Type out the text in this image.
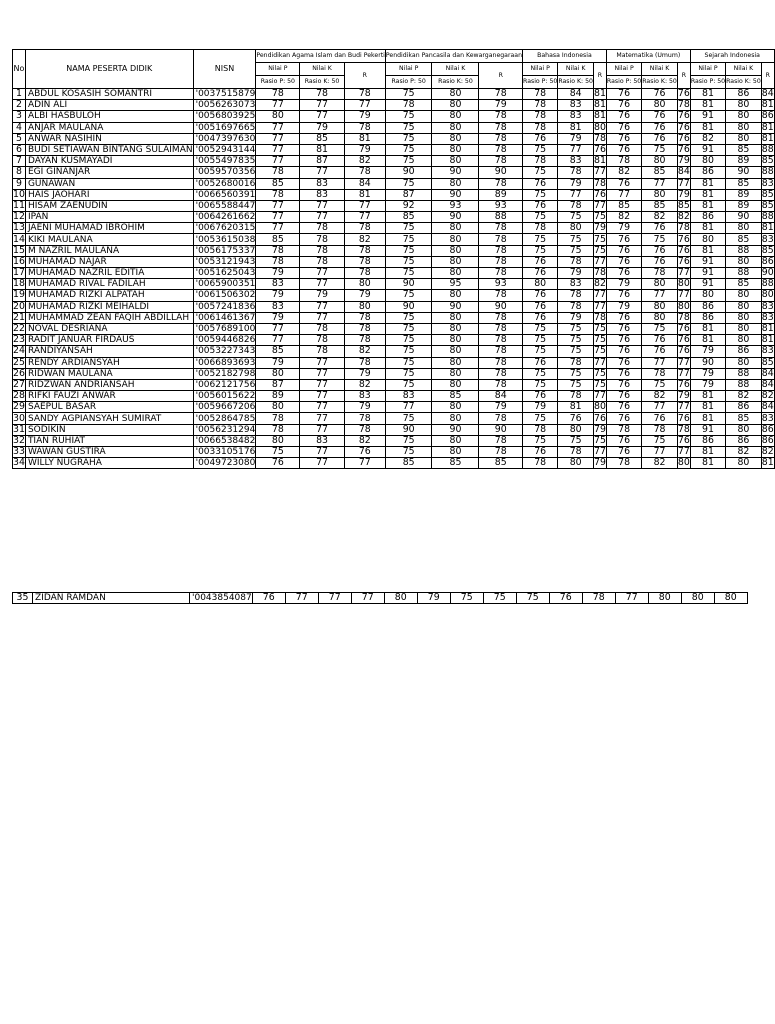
No	NAMA PESERTA DIDIK	NISN	Pendidikan Agama Islam dan Budi Pekerti			Pendidikan Pancasila dan Kewarganegaraan			Bahasa Indonesia			Matematika (Umum)			Sejarah Indonesia		
			Nilai P	Nilai K	R	Nilai P	Nilai K	R	Nilai P	Nilai K	R	Nilai P	Nilai K	R	Nilai P	Nilai K	R
			Rasio P: 50	Rasio K: 50		Rasio P: 50	Rasio K: 50		Rasio P: 50	Rasio K: 50		Rasio P: 50	Rasio K: 50		Rasio P: 50	Rasio K: 50	
1	ABDUL KOSASIH SOMANTRI	'0037515879	78	78	78	75	80	78	78	84	81	76	76	76	81	86	84
2	ADIN ALI	'0056263073	77	77	77	78	80	79	78	83	81	76	80	78	81	80	81
3	ALBI HASBULOH	'0056803925	80	77	79	75	80	78	78	83	81	76	76	76	91	80	86
4	ANJAR MAULANA	'0051697665	77	79	78	75	80	78	78	81	80	76	76	76	81	80	81
5	ANWAR NASIHIN	'0047397630	77	85	81	75	80	78	76	79	78	76	76	76	82	80	81
6	BUDI SETIAWAN BINTANG SULAIMAN	'0052943144	77	81	79	75	80	78	75	77	76	76	75	76	91	85	88
7	DAYAN KUSMAYADI	'0055497835	77	87	82	75	80	78	78	83	81	78	80	79	80	89	85
8	EGI GINANJAR	'0059570356	78	77	78	90	90	90	75	78	77	82	85	84	86	90	88
9	GUNAWAN	'0052680016	85	83	84	75	80	78	76	79	78	76	77	77	81	85	83
10	HAIS JAOHARI	'0066560391	78	83	81	87	90	89	75	77	76	77	80	79	81	89	85
11	HISAM ZAENUDIN	'0065588447	77	77	77	92	93	93	76	78	77	85	85	85	81	89	85
12	IPAN	'0064261662	77	77	77	85	90	88	75	75	75	82	82	82	86	90	88
13	JAENI MUHAMAD IBROHIM	'0067620315	77	78	78	75	80	78	78	80	79	79	76	78	81	80	81
14	KIKI MAULANA	'0053615038	85	78	82	75	80	78	75	75	75	76	75	76	80	85	83
15	M NAZRIL MAULANA	'0056175337	78	78	78	75	80	78	75	75	75	76	76	76	81	88	85
16	MUHAMAD NAJAR	'0053121943	78	78	78	75	80	78	76	78	77	76	76	76	91	80	86
17	MUHAMAD NAZRIL EDITIA	'0051625043	79	77	78	75	80	78	76	79	78	76	78	77	91	88	90
18	MUHAMAD RIVAL FADILAH	'0065900351	83	77	80	90	95	93	80	83	82	79	80	80	91	85	88
19	MUHAMAD RIZKI ALPATAH	'0061506302	79	79	79	75	80	78	76	78	77	76	77	77	80	80	80
20	MUHAMAD RIZKI MEIHALDI	'0057241836	83	77	80	90	90	90	76	78	77	79	80	80	86	80	83
21	MUHAMMAD ZEAN FAQIH ABDILLAH	'0061461367	79	77	78	75	80	78	76	79	78	76	80	78	86	80	83
22	NOVAL DESRIANA	'0057689100	77	78	78	75	80	78	75	75	75	76	75	76	81	80	81
23	RADIT JANUAR FIRDAUS	'0059446826	77	78	78	75	80	78	75	75	75	76	76	76	81	80	81
24	RANDIYANSAH	'0053227343	85	78	82	75	80	78	75	75	75	76	76	76	79	86	83
25	RENDY ARDIANSYAH	'0066893693	79	77	78	75	80	78	76	78	77	76	77	77	90	80	85
26	RIDWAN MAULANA	'0052182798	80	77	79	75	80	78	75	75	75	76	78	77	79	88	84
27	RIDZWAN ANDRIANSAH	'0062121756	87	77	82	75	80	78	75	75	75	76	75	76	79	88	84
28	RIFKI FAUZI ANWAR	'0056015622	89	77	83	83	85	84	76	78	77	76	82	79	81	82	82
29	SAEPUL BASAR	'0059667206	80	77	79	77	80	79	79	81	80	76	77	77	81	86	84
30	SANDY AGPIANSYAH SUMIRAT	'0052864785	78	77	78	75	80	78	75	76	76	76	76	76	81	85	83
31	SODIKIN	'0056231294	78	77	78	90	90	90	78	80	79	78	78	78	91	80	86
32	TIAN RUHIAT	'0066538482	80	83	82	75	80	78	75	75	75	76	75	76	86	86	86
33	WAWAN GUSTIRA	'0033105176	75	77	76	75	80	78	76	78	77	76	77	77	81	82	82
34	WILLY NUGRAHA	'0049723080	76	77	77	85	85	85	78	80	79	78	82	80	81	80	81
35	ZIDAN RAMDAN	'0043854087	76	77	77	77	80	79	75	75	75	76	78	77	80	80	80
